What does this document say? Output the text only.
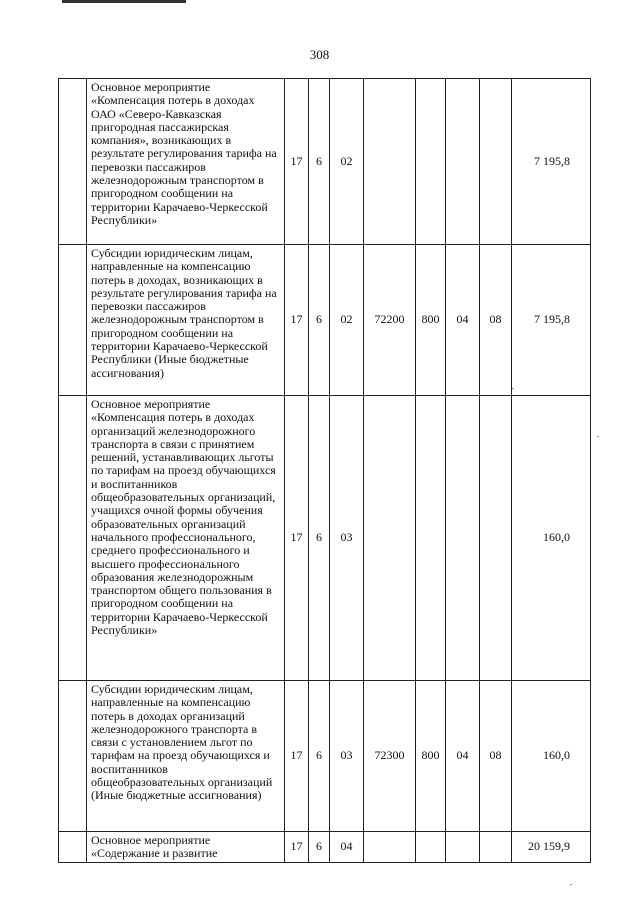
308
	Основное мероприятие «Компенсация потерь в доходах ОАО «Северо-Кавказская пригородная пассажирская компания», возникающих в результате регулирования тарифа на перевозки пассажиров железнодорожным транспортом в пригородном сообщении на территории Карачаево-Черкесской Республики»	17	6	02					7 195,8
	Субсидии юридическим лицам, направленные на компенсацию потерь в доходах, возникающих в результате регулирования тарифа на перевозки пассажиров железнодорожным транспортом в пригородном сообщении на территории Карачаево-Черкесской Республики (Иные бюджетные ассигнования)	17	6	02	72200	800	04	08	7 195,8
	Основное мероприятие «Компенсация потерь в доходах организаций железнодорожного транспорта в связи с принятием решений, устанавливающих льготы по тарифам на проезд обучающихся и воспитанников общеобразовательных организаций, учащихся очной формы обучения образовательных организаций начального профессионального, среднего профессионального и высшего профессионального образования железнодорожным транспортом общего пользования в пригородном сообщении на территории Карачаево-Черкесской Республики»	17	6	03					160,0
	Субсидии юридическим лицам, направленные на компенсацию потерь в доходах организаций железнодорожного транспорта в связи с установлением льгот по тарифам на проезд обучающихся и воспитанников общеобразовательных организаций (Иные бюджетные ассигнования)	17	6	03	72300	800	04	08	160,0
	Основное мероприятие «Содержание и развитие	17	6	04					20 159,9
